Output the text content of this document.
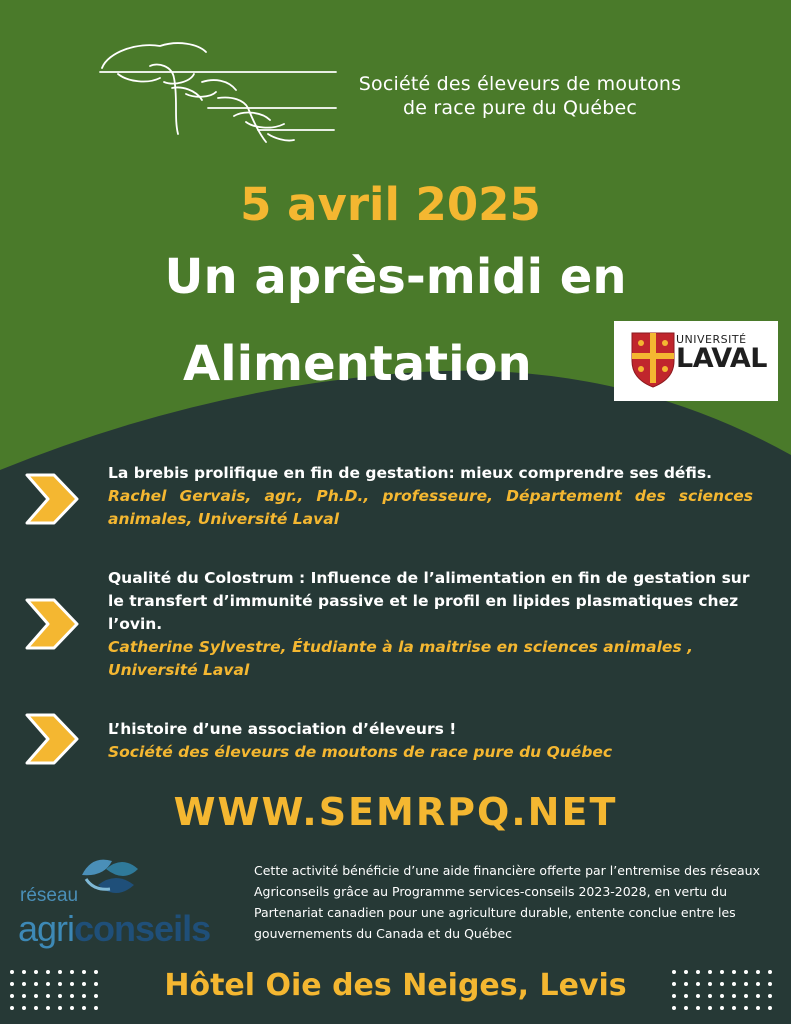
Société des éleveurs de moutons
de race pure du Québec
5 avril 2025
Un après-midi en
Alimentation	UNIVERSITÉ
LAVAL
La brebis prolifique en fin de gestation: mieux comprendre ses défis.
Rachel Gervais, agr., Ph.D., professeure, Département des sciences animales, Université Laval
Qualité du Colostrum : Influence de l’alimentation en fin de gestation sur le transfert d’immunité passive et le profil en lipides plasmatiques chez l’ovin.
Catherine Sylvestre, Étudiante à la maitrise en sciences animales , Université Laval
L’histoire d’une association d’éleveurs !
Société des éleveurs de moutons de race pure du Québec
WWW.SEMRPQ.NET
réseau
agriconseils
Cette activité bénéficie d’une aide financière offerte par l’entremise des réseaux Agriconseils grâce au Programme services-conseils 2023-2028, en vertu du Partenariat canadien pour une agriculture durable, entente conclue entre les gouvernements du Canada et du Québec
Hôtel Oie des Neiges, Levis
